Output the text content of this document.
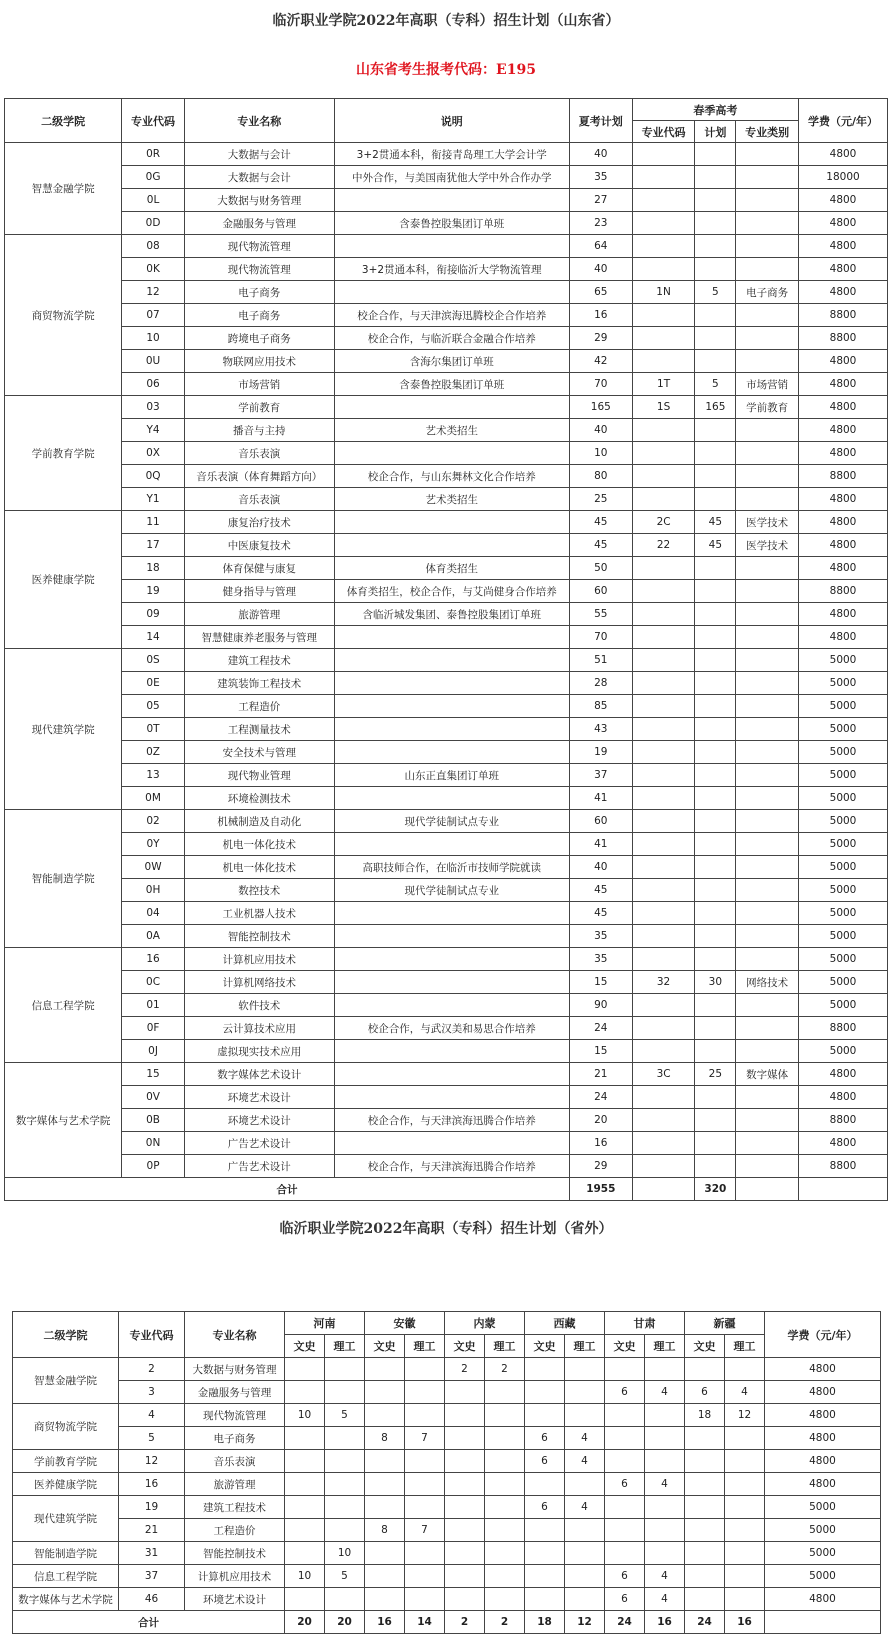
临沂职业学院2022年高职（专科）招生计划（山东省）
山东省考生报考代码：E195
二级学院	专业代码	专业名称	说明	夏考计划	春季高考			学费（元/年）
					专业代码	计划	专业类别	
智慧金融学院	0R	大数据与会计	3+2贯通本科，衔接青岛理工大学会计学	40				4800
	0G	大数据与会计	中外合作，与美国南犹他大学中外合作办学	35				18000
	0L	大数据与财务管理		27				4800
	0D	金融服务与管理	含泰鲁控股集团订单班	23				4800
商贸物流学院	08	现代物流管理		64				4800
	0K	现代物流管理	3+2贯通本科，衔接临沂大学物流管理	40				4800
	12	电子商务		65	1N	5	电子商务	4800
	07	电子商务	校企合作，与天津滨海迅腾校企合作培养	16				8800
	10	跨境电子商务	校企合作，与临沂联合金融合作培养	29				8800
	0U	物联网应用技术	含海尔集团订单班	42				4800
	06	市场营销	含泰鲁控股集团订单班	70	1T	5	市场营销	4800
学前教育学院	03	学前教育		165	1S	165	学前教育	4800
	Y4	播音与主持	艺术类招生	40				4800
	0X	音乐表演		10				4800
	0Q	音乐表演（体育舞蹈方向）	校企合作，与山东舞林文化合作培养	80				8800
	Y1	音乐表演	艺术类招生	25				4800
医养健康学院	11	康复治疗技术		45	2C	45	医学技术	4800
	17	中医康复技术		45	22	45	医学技术	4800
	18	体育保健与康复	体育类招生	50				4800
	19	健身指导与管理	体育类招生，校企合作，与艾尚健身合作培养	60				8800
	09	旅游管理	含临沂城发集团、泰鲁控股集团订单班	55				4800
	14	智慧健康养老服务与管理		70				4800
现代建筑学院	0S	建筑工程技术		51				5000
	0E	建筑装饰工程技术		28				5000
	05	工程造价		85				5000
	0T	工程测量技术		43				5000
	0Z	安全技术与管理		19				5000
	13	现代物业管理	山东正直集团订单班	37				5000
	0M	环境检测技术		41				5000
智能制造学院	02	机械制造及自动化	现代学徒制试点专业	60				5000
	0Y	机电一体化技术		41				5000
	0W	机电一体化技术	高职技师合作，在临沂市技师学院就读	40				5000
	0H	数控技术	现代学徒制试点专业	45				5000
	04	工业机器人技术		45				5000
	0A	智能控制技术		35				5000
信息工程学院	16	计算机应用技术		35				5000
	0C	计算机网络技术		15	32	30	网络技术	5000
	01	软件技术		90				5000
	0F	云计算技术应用	校企合作，与武汉美和易思合作培养	24				8800
	0J	虚拟现实技术应用		15				5000
数字媒体与艺术学院	15	数字媒体艺术设计		21	3C	25	数字媒体	4800
	0V	环境艺术设计		24				4800
	0B	环境艺术设计	校企合作，与天津滨海迅腾合作培养	20				8800
	0N	广告艺术设计		16				4800
	0P	广告艺术设计	校企合作，与天津滨海迅腾合作培养	29				8800
合计				1955		320		
临沂职业学院2022年高职（专科）招生计划（省外）
二级学院	专业代码	专业名称	河南		安徽		内蒙		西藏		甘肃		新疆		学费（元/年）
			文史	理工	文史	理工	文史	理工	文史	理工	文史	理工	文史	理工	
智慧金融学院	2	大数据与财务管理					2	2							4800
	3	金融服务与管理									6	4	6	4	4800
商贸物流学院	4	现代物流管理	10	5									18	12	4800
	5	电子商务			8	7			6	4					4800
学前教育学院	12	音乐表演							6	4					4800
医养健康学院	16	旅游管理									6	4			4800
现代建筑学院	19	建筑工程技术							6	4					5000
	21	工程造价			8	7									5000
智能制造学院	31	智能控制技术		10											5000
信息工程学院	37	计算机应用技术	10	5							6	4			5000
数字媒体与艺术学院	46	环境艺术设计									6	4			4800
合计			20	20	16	14	2	2	18	12	24	16	24	16	
